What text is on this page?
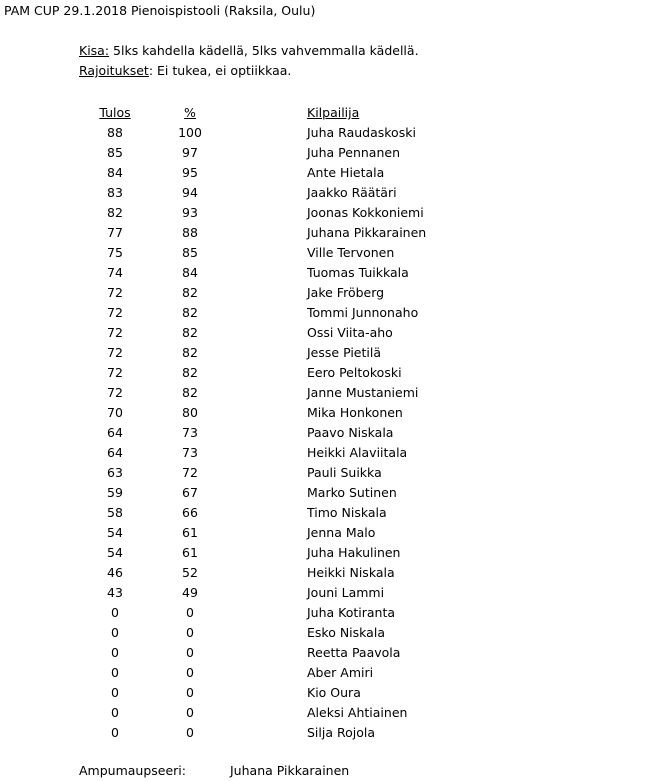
PAM CUP 29.1.2018 Pienoispistooli (Raksila, Oulu)
Kisa: 5lks kahdella kädellä, 5lks vahvemmalla kädellä.
Rajoitukset: Ei tukea, ei optiikkaa.
Tulos	%	Kilpailija
88	100	Juha Raudaskoski
85	97	Juha Pennanen
84	95	Ante Hietala
83	94	Jaakko Räätäri
82	93	Joonas Kokkoniemi
77	88	Juhana Pikkarainen
75	85	Ville Tervonen
74	84	Tuomas Tuikkala
72	82	Jake Fröberg
72	82	Tommi Junnonaho
72	82	Ossi Viita-aho
72	82	Jesse Pietilä
72	82	Eero Peltokoski
72	82	Janne Mustaniemi
70	80	Mika Honkonen
64	73	Paavo Niskala
64	73	Heikki Alaviitala
63	72	Pauli Suikka
59	67	Marko Sutinen
58	66	Timo Niskala
54	61	Jenna Malo
54	61	Juha Hakulinen
46	52	Heikki Niskala
43	49	Jouni Lammi
0	0	Juha Kotiranta
0	0	Esko Niskala
0	0	Reetta Paavola
0	0	Aber Amiri
0	0	Kio Oura
0	0	Aleksi Ahtiainen
0	0	Silja Rojola
Ampumaupseeri:	Juhana Pikkarainen
